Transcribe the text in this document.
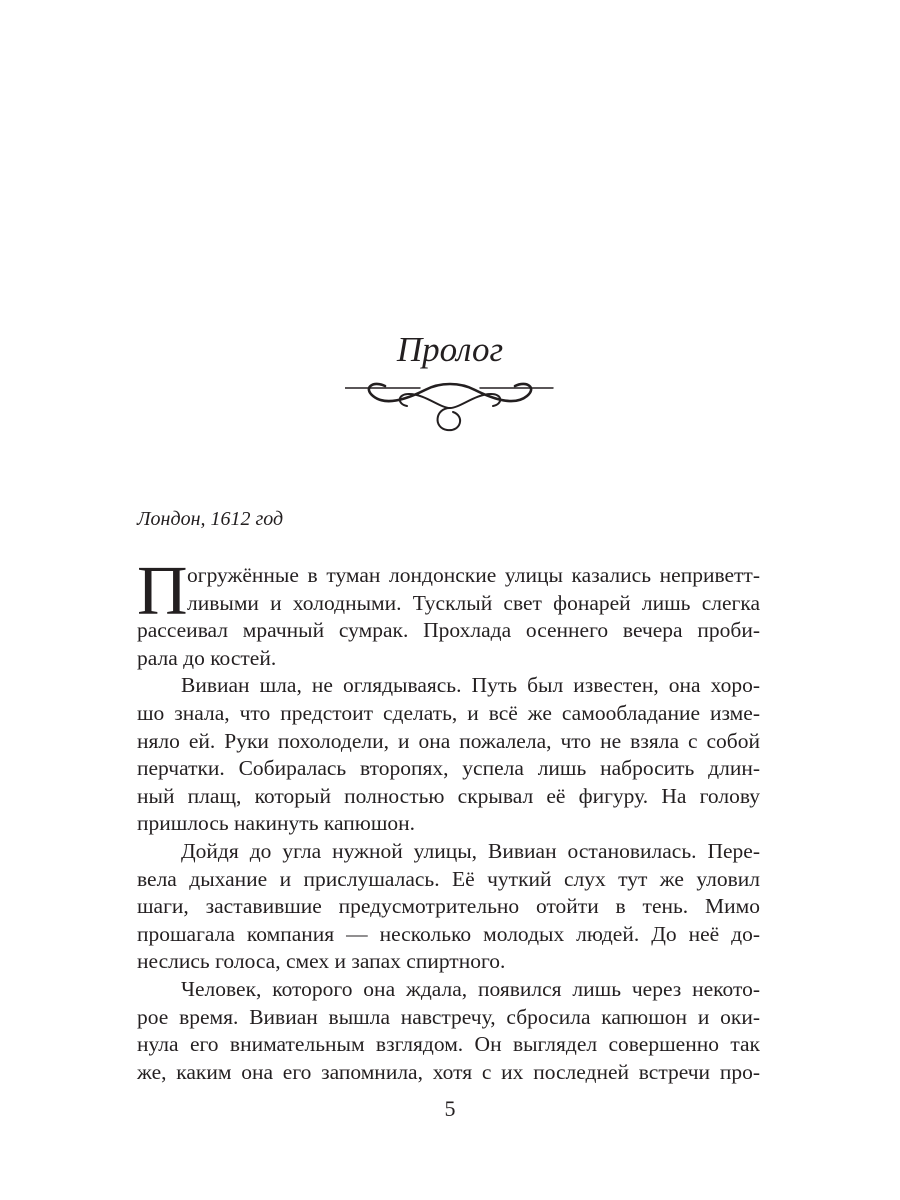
Пролог
Лондон, 1612 год
П огружённые в туман лондонские улицы казались неприветт-
ливыми и холодными. Тусклый свет фонарей лишь слегка
рассеивал мрачный сумрак. Прохлада осеннего вечера проби-
рала до костей.
Вивиан шла, не оглядываясь. Путь был известен, она хоро-
шо знала, что предстоит сделать, и всё же самообладание изме-
няло ей. Руки похолодели, и она пожалела, что не взяла с собой
перчатки. Собиралась второпях, успела лишь набросить длин-
ный плащ, который полностью скрывал её фигуру. На голову
пришлось накинуть капюшон.
Дойдя до угла нужной улицы, Вивиан остановилась. Пере-
вела дыхание и прислушалась. Её чуткий слух тут же уловил
шаги, заставившие предусмотрительно отойти в тень. Мимо
прошагала компания — несколько молодых людей. До неё до-
неслись голоса, смех и запах спиртного.
Человек, которого она ждала, появился лишь через некото-
рое время. Вивиан вышла навстречу, сбросила капюшон и оки-
нула его внимательным взглядом. Он выглядел совершенно так
же, каким она его запомнила, хотя с их последней встречи про-
5
